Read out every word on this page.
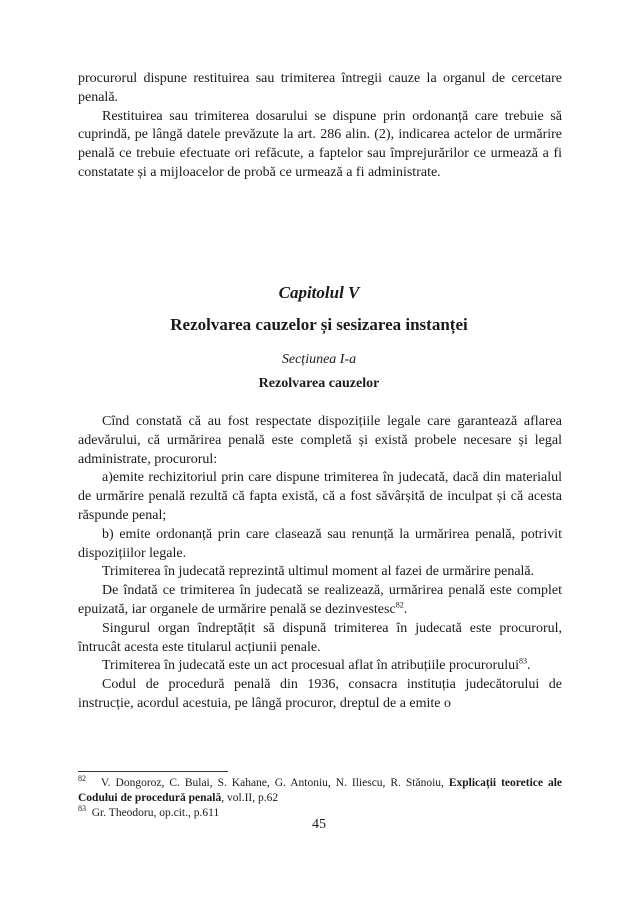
procurorul dispune restituirea sau trimiterea întregii cauze la organul de cercetare penală.

Restituirea sau trimiterea dosarului se dispune prin ordonanță care trebuie să cuprindă, pe lângă datele prevăzute la art. 286 alin. (2), indicarea actelor de urmărire penală ce trebuie efectuate ori refăcute, a faptelor sau împrejurărilor ce urmează a fi constatate și a mijloacelor de probă ce urmează a fi administrate.

Capitolul V
Rezolvarea cauzelor și sesizarea instanței
Secțiunea I-a
Rezolvarea cauzelor

Cînd constată că au fost respectate dispozițiile legale care garantează aflarea adevărului, că urmărirea penală este completă și există probele necesare și legal administrate, procurorul:

a)emite rechizitoriul prin care dispune trimiterea în judecată, dacă din materialul de urmărire penală rezultă că fapta există, că a fost săvârșită de inculpat și că acesta răspunde penal;

b) emite ordonanță prin care clasează sau renunță la urmărirea penală, potrivit dispozițiilor legale.

Trimiterea în judecată reprezintă ultimul moment al fazei de urmărire penală.

De îndată ce trimiterea în judecată se realizează, urmărirea penală este complet epuizată, iar organele de urmărire penală se dezinvestesc$^{82}$.

Singurul organ îndreptățit să dispună trimiterea în judecată este procurorul, întrucât acesta este titularul acțiunii penale.

Trimiterea în judecată este un act procesual aflat în atribuțiile procurorului$^{83}$.

Codul de procedură penală din 1936, consacra instituția judecătorului de instrucție, acordul acestuia, pe lângă procuror, dreptul de a emite o

$^{82}$ V. Dongoroz, C. Bulai, S. Kahane, G. Antoniu, N. Iliescu, R. Stănoiu, Explicații teoretice ale Codului de procedură penală, vol.II, p.62

$^{83}$ Gr. Theodoru, op.cit., p.611

45
